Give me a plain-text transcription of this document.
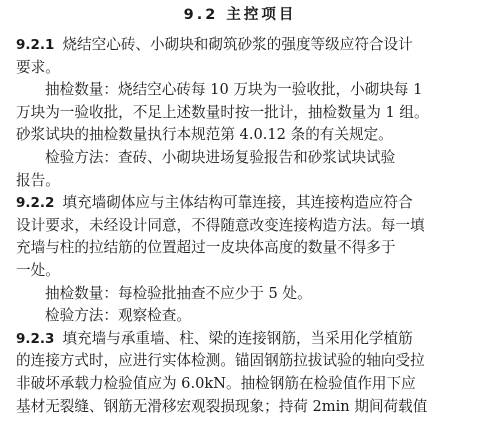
9.2 主控项目
9.2.1 烧结空心砖、小砌块和砌筑砂浆的强度等级应符合设计
要求。
抽检数量：烧结空心砖每 10 万块为一验收批，小砌块每 1
万块为一验收批，不足上述数量时按一批计，抽检数量为 1 组。
砂浆试块的抽检数量执行本规范第 4.0.12 条的有关规定。
检验方法：查砖、小砌块进场复验报告和砂浆试块试验
报告。
9.2.2 填充墙砌体应与主体结构可靠连接，其连接构造应符合
设计要求，未经设计同意，不得随意改变连接构造方法。每一填
充墙与柱的拉结筋的位置超过一皮块体高度的数量不得多于
一处。
抽检数量：每检验批抽查不应少于 5 处。
检验方法：观察检查。
9.2.3 填充墙与承重墙、柱、梁的连接钢筋，当采用化学植筋
的连接方式时，应进行实体检测。锚固钢筋拉拔试验的轴向受拉
非破坏承载力检验值应为 6.0kN。抽检钢筋在检验值作用下应
基材无裂缝、钢筋无滑移宏观裂损现象；持荷 2min 期间荷载值
